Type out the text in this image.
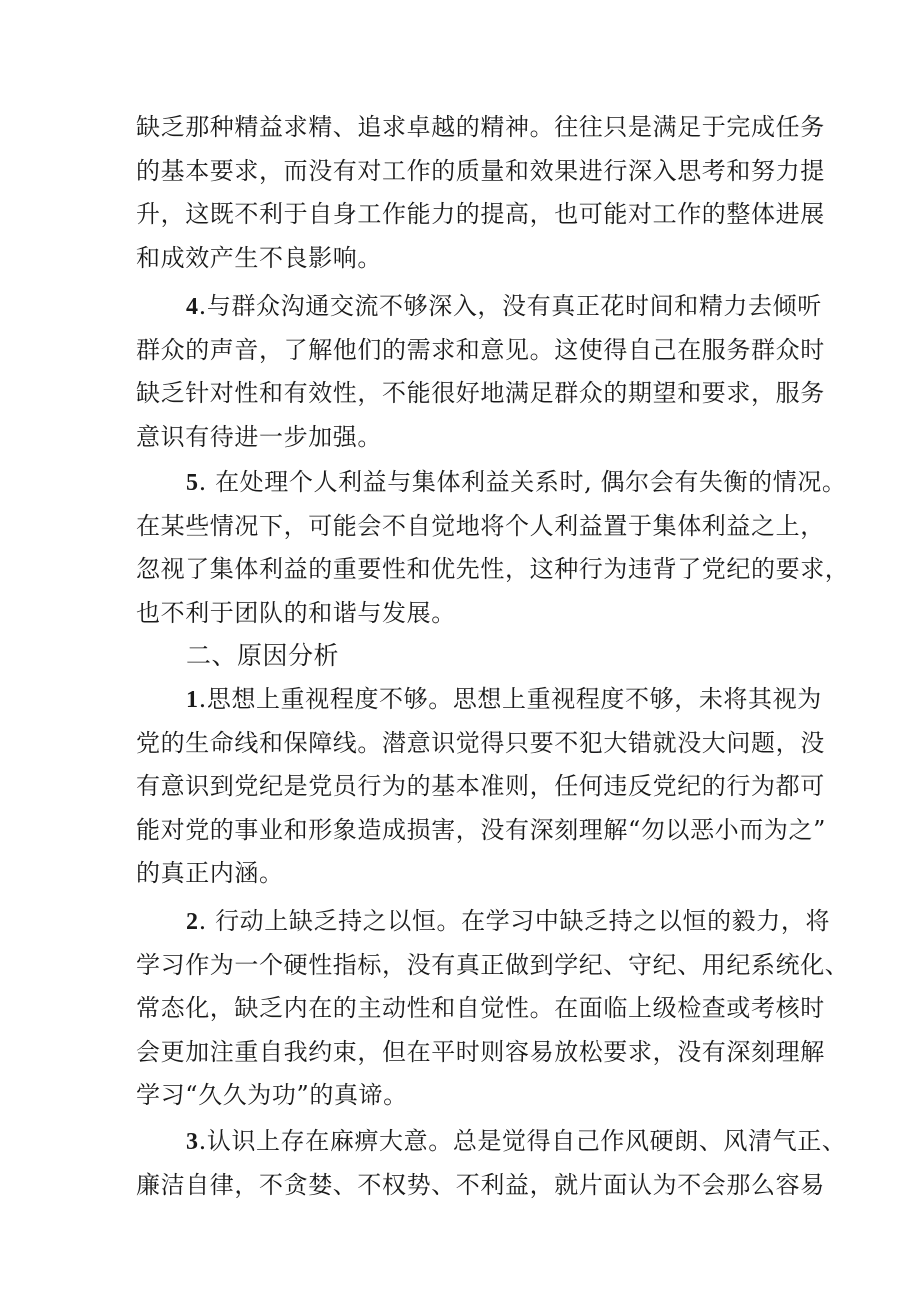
缺乏那种精益求精、追求卓越的精神。往往只是满足于完成任务
的基本要求，而没有对工作的质量和效果进行深入思考和努力提
升，这既不利于自身工作能力的提高，也可能对工作的整体进展
和成效产生不良影响。
4.与群众沟通交流不够深入，没有真正花时间和精力去倾听
群众的声音，了解他们的需求和意见。这使得自己在服务群众时
缺乏针对性和有效性，不能很好地满足群众的期望和要求，服务
意识有待进一步加强。
5. 在处理个人利益与集体利益关系时, 偶尔会有失衡的情况。
在某些情况下，可能会不自觉地将个人利益置于集体利益之上，
忽视了集体利益的重要性和优先性，这种行为违背了党纪的要求，
也不利于团队的和谐与发展。
二、原因分析
1.思想上重视程度不够。思想上重视程度不够，未将其视为
党的生命线和保障线。潜意识觉得只要不犯大错就没大问题，没
有意识到党纪是党员行为的基本准则，任何违反党纪的行为都可
能对党的事业和形象造成损害，没有深刻理解“勿以恶小而为之”
的真正内涵。
2. 行动上缺乏持之以恒。在学习中缺乏持之以恒的毅力，将
学习作为一个硬性指标，没有真正做到学纪、守纪、用纪系统化、
常态化，缺乏内在的主动性和自觉性。在面临上级检查或考核时
会更加注重自我约束，但在平时则容易放松要求，没有深刻理解
学习“久久为功”的真谛。
3.认识上存在麻痹大意。总是觉得自己作风硬朗、风清气正、
廉洁自律，不贪婪、不权势、不利益，就片面认为不会那么容易
